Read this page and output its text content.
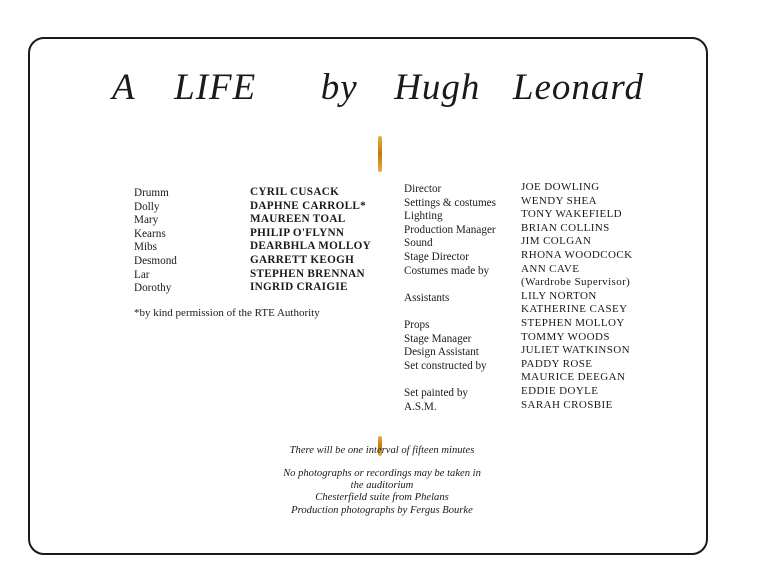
A LIFE by Hugh Leonard
Drumm
Dolly
Mary
Kearns
Mibs
Desmond
Lar
Dorothy
CYRIL CUSACK
DAPHNE CARROLL*
MAUREEN TOAL
PHILIP O'FLYNN
DEARBHLA MOLLOY
GARRETT KEOGH
STEPHEN BRENNAN
INGRID CRAIGIE
*by kind permission of the RTE Authority
Director
Settings & costumes
Lighting
Production Manager
Sound
Stage Director
Costumes made by
Assistants
Props
Stage Manager
Design Assistant
Set constructed by
Set painted by
A.S.M.
JOE DOWLING
WENDY SHEA
TONY WAKEFIELD
BRIAN COLLINS
JIM COLGAN
RHONA WOODCOCK
ANN CAVE
(Wardrobe Supervisor)
LILY NORTON
KATHERINE CASEY
STEPHEN MOLLOY
TOMMY WOODS
JULIET WATKINSON
PADDY ROSE
MAURICE DEEGAN
EDDIE DOYLE
SARAH CROSBIE
There will be one interval of fifteen minutes
No photographs or recordings may be taken in
the auditorium
Chesterfield suite from Phelans
Production photographs by Fergus Bourke
